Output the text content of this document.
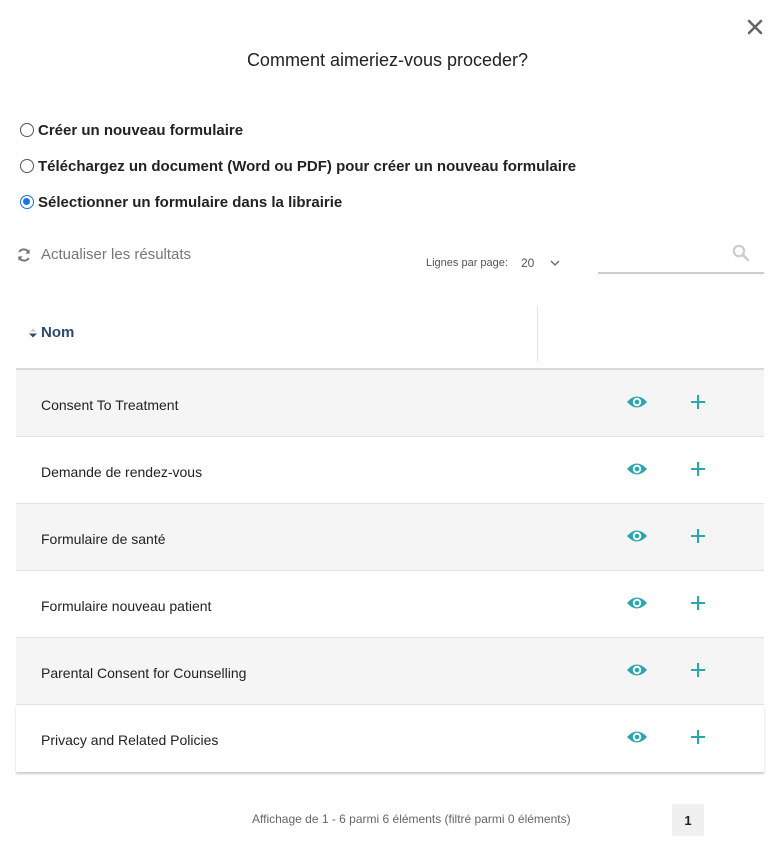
Comment aimeriez-vous proceder?
Créer un nouveau formulaire
Téléchargez un document (Word ou PDF) pour créer un nouveau formulaire
Sélectionner un formulaire dans la librairie
Actualiser les résultats	Lignes par page: 20
Nom
Consent To Treatment
Demande de rendez-vous
Formulaire de santé
Formulaire nouveau patient
Parental Consent for Counselling
Privacy and Related Policies
Affichage de 1 - 6 parmi 6 éléments (filtré parmi 0 éléments)	1
